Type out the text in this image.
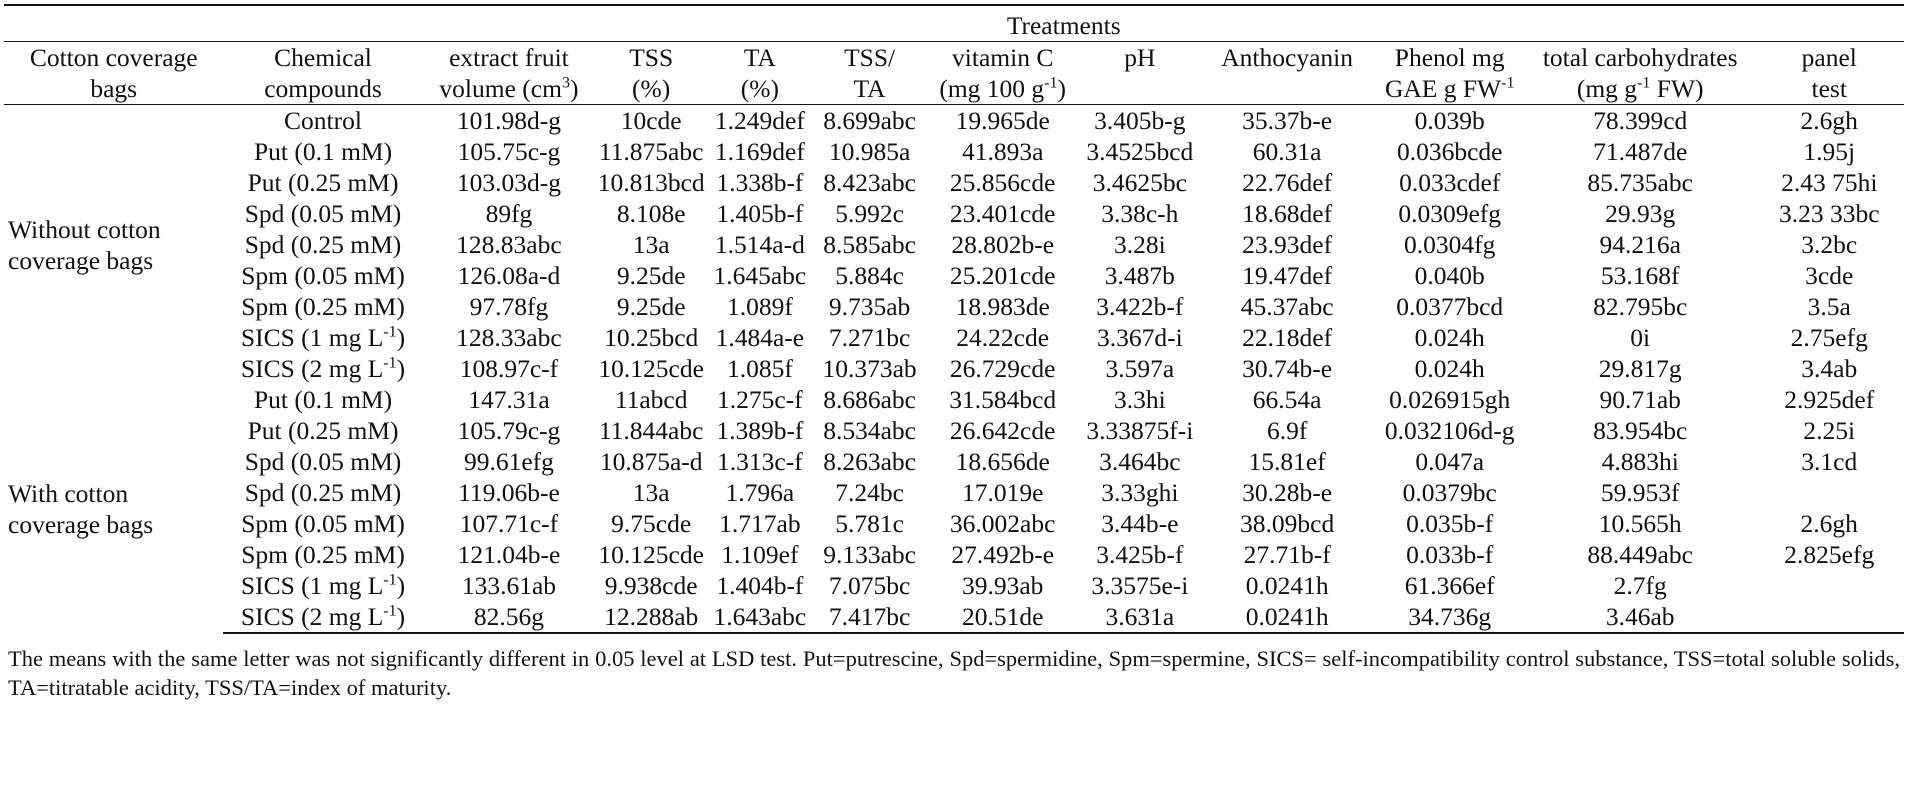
	Treatments										
Cotton coverage	Chemical	extract fruit	TSS	TA	TSS/	vitamin C	pH	Anthocyanin	Phenol mg	total carbohydrates	panel
bags	compounds	volume $(cm^3)$	(%)	(%)	TA	(mg 100 $g^{-1}$)			GAE g $FW^{-1}$	(mg $g^{-1}$ FW)	test
Without cotton coverage bags	Control	101.98d-g	10cde	1.249def	8.699abc	19.965de	3.405b-g	35.37b-e	0.039b	78.399cd	2.6gh
	Put (0.1 mM)	105.75c-g	11.875abc	1.169def	10.985a	41.893a	3.4525bcd	60.31a	0.036bcde	71.487de	1.95j
	Put (0.25 mM)	103.03d-g	10.813bcd	1.338b-f	8.423abc	25.856cde	3.4625bc	22.76def	0.033cdef	85.735abc	2.43 75hi
	Spd (0.05 mM)	89fg	8.108e	1.405b-f	5.992c	23.401cde	3.38c-h	18.68def	0.0309efg	29.93g	3.23 33bc
	Spd (0.25 mM)	128.83abc	13a	1.514a-d	8.585abc	28.802b-e	3.28i	23.93def	0.0304fg	94.216a	3.2bc
	Spm (0.05 mM)	126.08a-d	9.25de	1.645abc	5.884c	25.201cde	3.487b	19.47def	0.040b	53.168f	3cde
	Spm (0.25 mM)	97.78fg	9.25de	1.089f	9.735ab	18.983de	3.422b-f	45.37abc	0.0377bcd	82.795bc	3.5a
	SICS (1 mg $L^{-1}$)	128.33abc	10.25bcd	1.484a-e	7.271bc	24.22cde	3.367d-i	22.18def	0.024h	0i	2.75efg
	SICS (2 mg $L^{-1}$)	108.97c-f	10.125cde	1.085f	10.373ab	26.729cde	3.597a	30.74b-e	0.024h	29.817g	3.4ab
With cotton coverage bags	Put (0.1 mM)	147.31a	11abcd	1.275c-f	8.686abc	31.584bcd	3.3hi	66.54a	0.026915gh	90.71ab	2.925def
	Put (0.25 mM)	105.79c-g	11.844abc	1.389b-f	8.534abc	26.642cde	3.33875f-i	6.9f	0.032106d-g	83.954bc	2.25i
	Spd (0.05 mM)	99.61efg	10.875a-d	1.313c-f	8.263abc	18.656de	3.464bc	15.81ef	0.047a	4.883hi	3.1cd
	Spd (0.25 mM)	119.06b-e	13a	1.796a	7.24bc	17.019e	3.33ghi	30.28b-e	0.0379bc	59.953f	
	Spm (0.05 mM)	107.71c-f	9.75cde	1.717ab	5.781c	36.002abc	3.44b-e	38.09bcd	0.035b-f	10.565h	2.6gh
	Spm (0.25 mM)	121.04b-e	10.125cde	1.109ef	9.133abc	27.492b-e	3.425b-f	27.71b-f	0.033b-f	88.449abc	2.825efg
	SICS (1 mg $L^{-1}$)	133.61ab	9.938cde	1.404b-f	7.075bc	39.93ab	3.3575e-i	0.0241h	61.366ef	2.7fg	
	SICS (2 mg $L^{-1}$)	82.56g	12.288ab	1.643abc	7.417bc	20.51de	3.631a	0.0241h	34.736g	3.46ab	
The means with the same letter was not significantly different in 0.05 level at LSD test. Put=putrescine, Spd=spermidine, Spm=spermine, SICS= self-incompatibility control substance, TSS=total soluble solids, TA=titratable acidity, TSS/TA=index of maturity.
